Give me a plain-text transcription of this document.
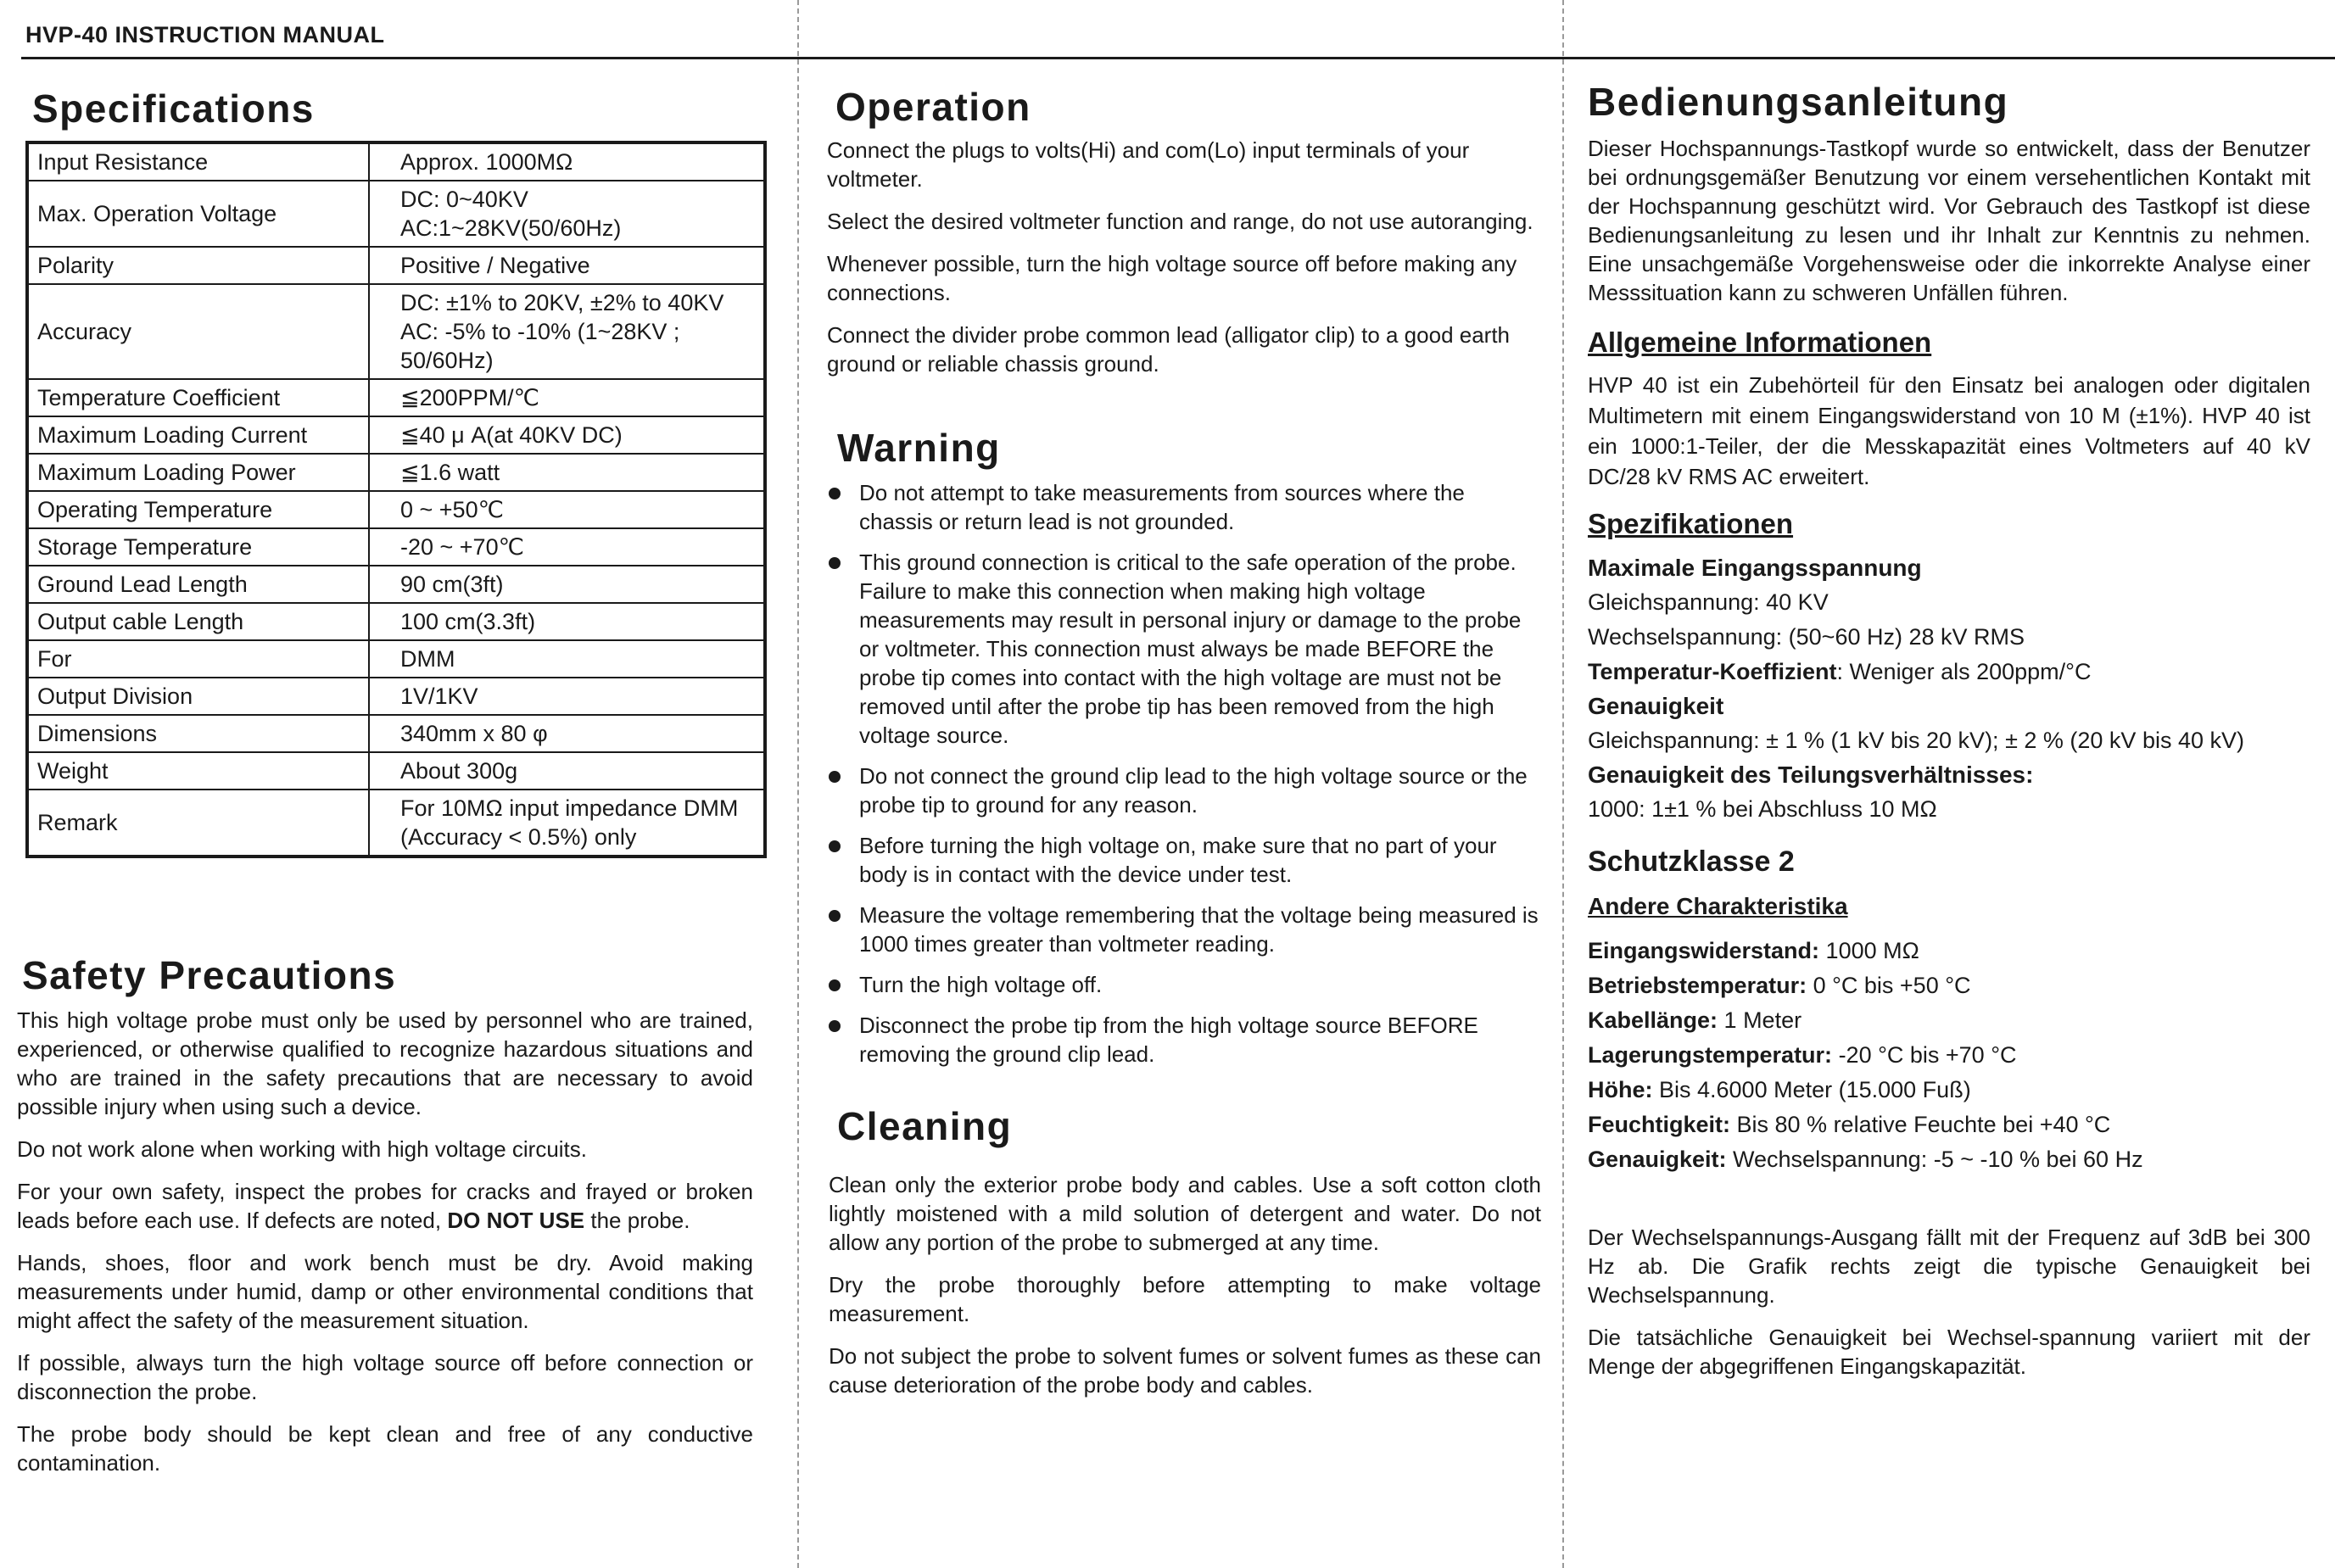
HVP-40 INSTRUCTION MANUAL
Specifications
Input Resistance	Approx. 1000MΩ

Max. Operation Voltage	DC: 0~40KV
AC:1~28KV(50/60Hz)

Polarity	Positive / Negative

Accuracy	DC: ±1% to 20KV, ±2% to 40KV
AC: -5% to -10% (1~28KV ; 50/60Hz)

Temperature Coefficient	≦200PPM/℃

Maximum Loading Current	≦40 μ A(at 40KV DC)

Maximum Loading Power	≦1.6 watt

Operating Temperature	0 ~ +50℃

Storage Temperature	-20 ~ +70℃

Ground Lead Length	90 cm(3ft)

Output cable Length	100 cm(3.3ft)

For	DMM

Output Division	1V/1KV

Dimensions	340mm x 80 φ

Weight	About 300g

Remark	For 10MΩ input impedance DMM
(Accuracy < 0.5%) only
Safety Precautions

This high voltage probe must only be used by personnel who are trained, experienced, or otherwise qualified to recognize hazardous situations and who are trained in the safety precautions that are necessary to avoid possible injury when using such a device.

Do not work alone when working with high voltage circuits.

For your own safety, inspect the probes for cracks and frayed or broken leads before each use. If defects are noted, DO NOT USE the probe.

Hands, shoes, floor and work bench must be dry. Avoid making measurements under humid, damp or other environmental conditions that might affect the safety of the measurement situation.

If possible, always turn the high voltage source off before connection or disconnection the probe.

The probe body should be kept clean and free of any conductive contamination.

Operation

Connect the plugs to volts(Hi) and com(Lo) input terminals of your voltmeter.

Select the desired voltmeter function and range, do not use autoranging.

Whenever possible, turn the high voltage source off before making any connections.

Connect the divider probe common lead (alligator clip) to a good earth ground or reliable chassis ground.

Warning
Do not attempt to take measurements from sources where the chassis or return lead is not grounded.
This ground connection is critical to the safe operation of the probe. Failure to make this connection when making high voltage measurements may result in personal injury or damage to the probe or voltmeter. This connection must always be made BEFORE the probe tip comes into contact with the high voltage are must not be removed until after the probe tip has been removed from the high voltage source.
Do not connect the ground clip lead to the high voltage source or the probe tip to ground for any reason.
Before turning the high voltage on, make sure that no part of your body is in contact with the device under test.
Measure the voltage remembering that the voltage being measured is 1000 times greater than voltmeter reading.
Turn the high voltage off.
Disconnect the probe tip from the high voltage source BEFORE removing the ground clip lead.
Cleaning

Clean only the exterior probe body and cables. Use a soft cotton cloth lightly moistened with a mild solution of detergent and water. Do not allow any portion of the probe to submerged at any time.

Dry the probe thoroughly before attempting to make voltage measurement.

Do not subject the probe to solvent fumes or solvent fumes as these can cause deterioration of the probe body and cables.

Bedienungsanleitung

Dieser Hochspannungs-Tastkopf wurde so entwickelt, dass der Benutzer bei ordnungsgemäßer Benutzung vor einem versehentlichen Kontakt mit der Hochspannung geschützt wird. Vor Gebrauch des Tastkopf ist diese Bedienungsanleitung zu lesen und ihr Inhalt zur Kenntnis zu nehmen. Eine unsachgemäße Vorgehensweise oder die inkorrekte Analyse einer Messsituation kann zu schweren Unfällen führen.

Allgemeine Informationen

HVP 40 ist ein Zubehörteil für den Einsatz bei analogen oder digitalen Multimetern mit einem Eingangswiderstand von 10 M (±1%). HVP 40 ist ein 1000:1-Teiler, der die Messkapazität eines Voltmeters auf 40 kV DC/28 kV RMS AC erweitert.

Spezifikationen
Maximale Eingangsspannung
Gleichspannung: 40 KV
Wechselspannung: (50~60 Hz) 28 kV RMS
Temperatur-Koeffizient: Weniger als 200ppm/°C
Genauigkeit
Gleichspannung: ± 1 % (1 kV bis 20 kV); ± 2 % (20 kV bis 40 kV)
Genauigkeit des Teilungsverhältnisses:
1000: 1±1 % bei Abschluss 10 MΩ
Schutzklasse 2
Andere Charakteristika
Eingangswiderstand: 1000 MΩ
Betriebstemperatur: 0 °C bis +50 °C
Kabellänge: 1 Meter
Lagerungstemperatur: -20 °C bis +70 °C
Höhe: Bis 4.6000 Meter (15.000 Fuß)
Feuchtigkeit: Bis 80 % relative Feuchte bei +40 °C
Genauigkeit: Wechselspannung: -5 ~ -10 % bei 60 Hz

Der Wechselspannungs-Ausgang fällt mit der Frequenz auf 3dB bei 300 Hz ab. Die Grafik rechts zeigt die typische Genauigkeit bei Wechselspannung.

Die tatsächliche Genauigkeit bei Wechsel-spannung variiert mit der Menge der abgegriffenen Eingangskapazität.
